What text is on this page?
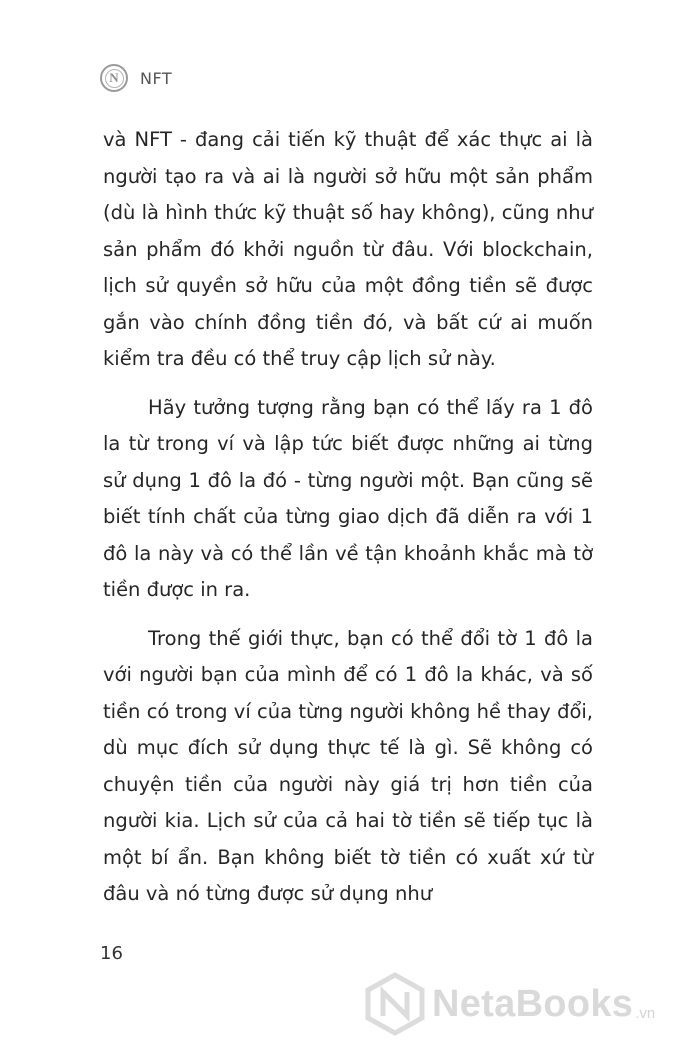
N	NFT

và NFT - đang cải tiến kỹ thuật để xác thực ai là người tạo ra và ai là người sở hữu một sản phẩm (dù là hình thức kỹ thuật số hay không), cũng như sản phẩm đó khởi nguồn từ đâu. Với blockchain, lịch sử quyền sở hữu của một đồng tiền sẽ được gắn vào chính đồng tiền đó, và bất cứ ai muốn kiểm tra đều có thể truy cập lịch sử này.

Hãy tưởng tượng rằng bạn có thể lấy ra 1 đô la từ trong ví và lập tức biết được những ai từng sử dụng 1 đô la đó - từng người một. Bạn cũng sẽ biết tính chất của từng giao dịch đã diễn ra với 1 đô la này và có thể lần về tận khoảnh khắc mà tờ tiền được in ra.

Trong thế giới thực, bạn có thể đổi tờ 1 đô la với người bạn của mình để có 1 đô la khác, và số tiền có trong ví của từng người không hề thay đổi, dù mục đích sử dụng thực tế là gì. Sẽ không có chuyện tiền của người này giá trị hơn tiền của người kia. Lịch sử của cả hai tờ tiền sẽ tiếp tục là một bí ẩn. Bạn không biết tờ tiền có xuất xứ từ đâu và nó từng được sử dụng như

16
NetaBooks .vn
